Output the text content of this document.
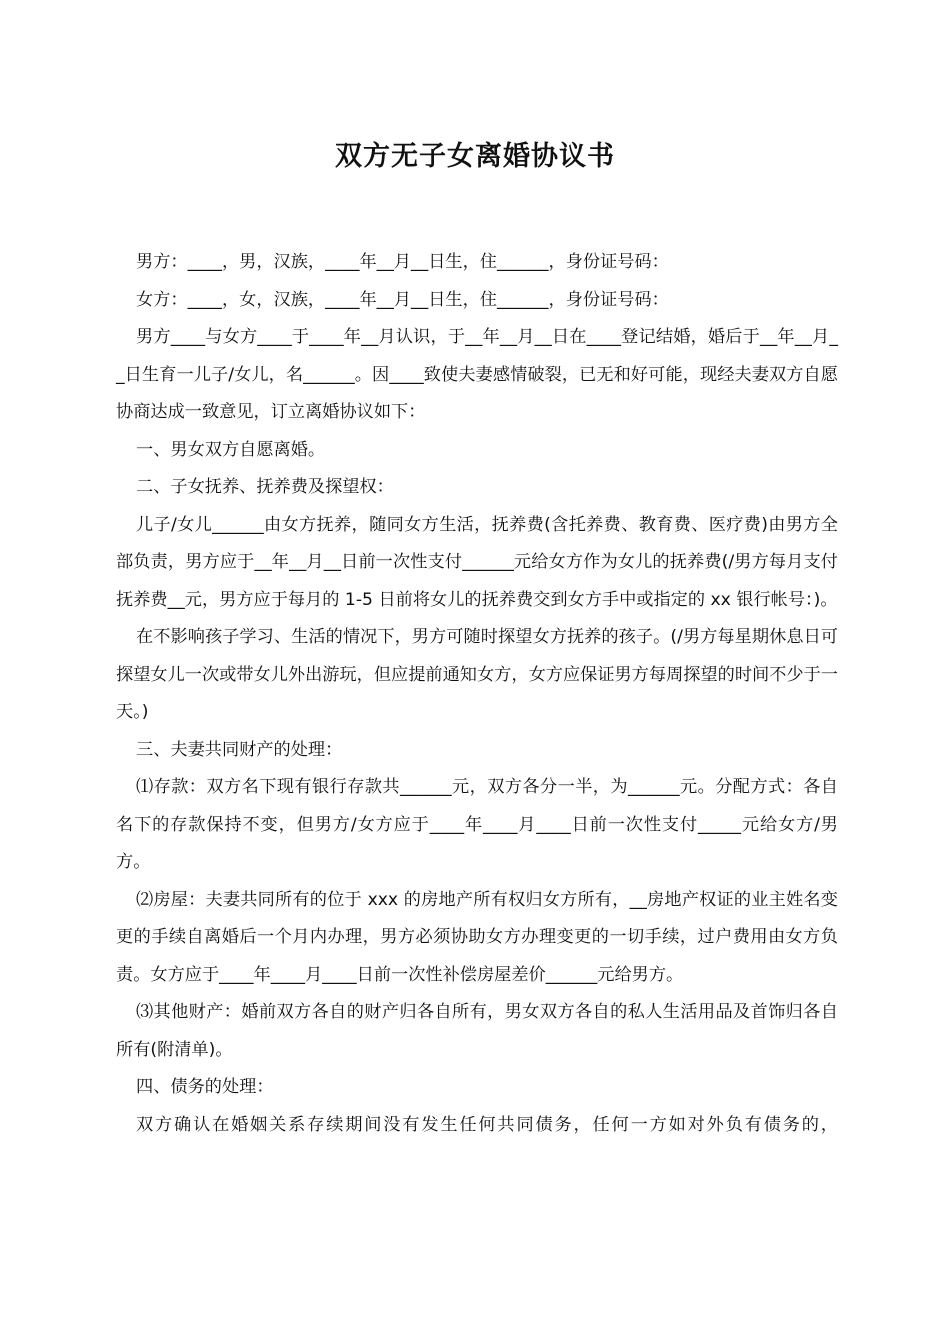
双方无子女离婚协议书

男方：____，男，汉族，____年__月__日生，住______，身份证号码：

女方：____，女，汉族，____年__月__日生，住______，身份证号码：

男方____与女方____于____年__月认识，于__年__月__日在____登记结婚，婚后于__年__月__日生育一儿子/女儿，名______。因____致使夫妻感情破裂，已无和好可能，现经夫妻双方自愿协商达成一致意见，订立离婚协议如下：

一、男女双方自愿离婚。

二、子女抚养、抚养费及探望权：

儿子/女儿______由女方抚养，随同女方生活，抚养费(含托养费、教育费、医疗费)由男方全部负责，男方应于__年__月__日前一次性支付______元给女方作为女儿的抚养费(/男方每月支付抚养费__元，男方应于每月的 1-5 日前将女儿的抚养费交到女方手中或指定的 xx 银行帐号：)。

在不影响孩子学习、生活的情况下，男方可随时探望女方抚养的孩子。(/男方每星期休息日可探望女儿一次或带女儿外出游玩，但应提前通知女方，女方应保证男方每周探望的时间不少于一天。)

三、夫妻共同财产的处理：

⑴存款：双方名下现有银行存款共______元，双方各分一半，为______元。分配方式：各自名下的存款保持不变，但男方/女方应于____年____月____日前一次性支付_____元给女方/男方。

⑵房屋：夫妻共同所有的位于 xxx 的房地产所有权归女方所有，__房地产权证的业主姓名变更的手续自离婚后一个月内办理，男方必须协助女方办理变更的一切手续，过户费用由女方负责。女方应于____年____月____日前一次性补偿房屋差价______元给男方。

⑶其他财产：婚前双方各自的财产归各自所有，男女双方各自的私人生活用品及首饰归各自所有(附清单)。

四、债务的处理：

双方确认在婚姻关系存续期间没有发生任何共同债务，任何一方如对外负有债务的，
